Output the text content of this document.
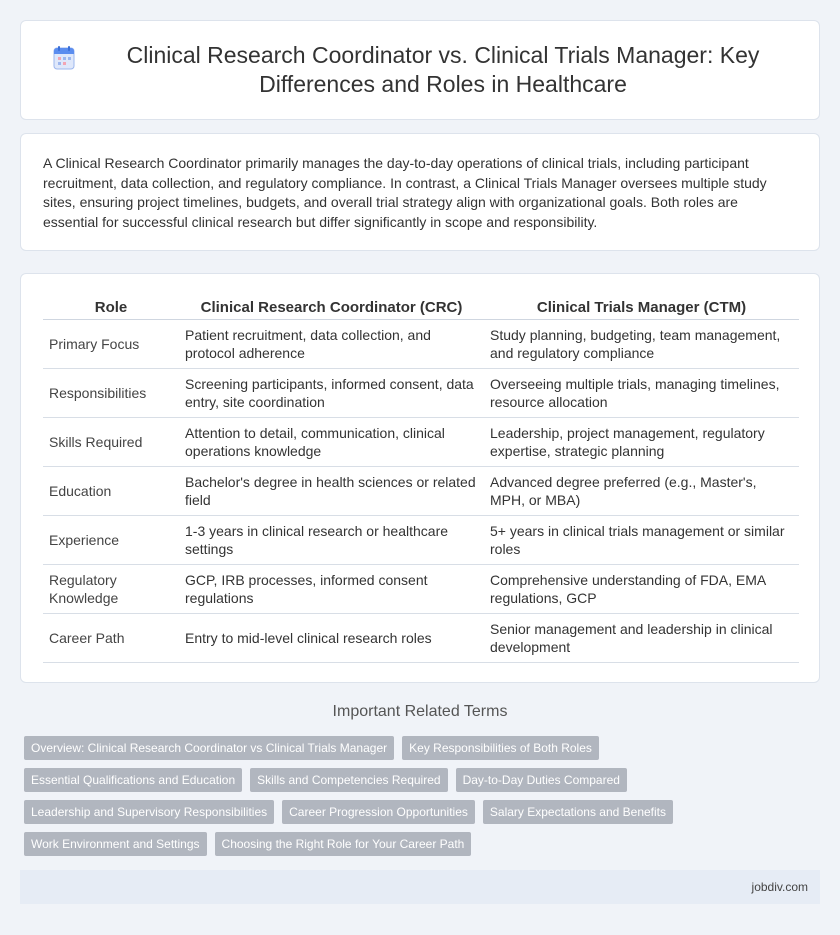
Clinical Research Coordinator vs. Clinical Trials Manager: Key Differences and Roles in Healthcare

A Clinical Research Coordinator primarily manages the day-to-day operations of clinical trials, including participant recruitment, data collection, and regulatory compliance. In contrast, a Clinical Trials Manager oversees multiple study sites, ensuring project timelines, budgets, and overall trial strategy align with organizational goals. Both roles are essential for successful clinical research but differ significantly in scope and responsibility.

Role	Clinical Research Coordinator (CRC)	Clinical Trials Manager (CTM)
Primary Focus	Patient recruitment, data collection, and protocol adherence	Study planning, budgeting, team management, and regulatory compliance
Responsibilities	Screening participants, informed consent, data entry, site coordination	Overseeing multiple trials, managing timelines, resource allocation
Skills Required	Attention to detail, communication, clinical operations knowledge	Leadership, project management, regulatory expertise, strategic planning
Education	Bachelor's degree in health sciences or related field	Advanced degree preferred (e.g., Master's, MPH, or MBA)
Experience	1-3 years in clinical research or healthcare settings	5+ years in clinical trials management or similar roles
Regulatory Knowledge	GCP, IRB processes, informed consent regulations	Comprehensive understanding of FDA, EMA regulations, GCP
Career Path	Entry to mid-level clinical research roles	Senior management and leadership in clinical development
Important Related Terms
Overview: Clinical Research Coordinator vs Clinical Trials Manager	Key Responsibilities of Both Roles
Essential Qualifications and Education	Skills and Competencies Required	Day-to-Day Duties Compared
Leadership and Supervisory Responsibilities	Career Progression Opportunities	Salary Expectations and Benefits
Work Environment and Settings	Choosing the Right Role for Your Career Path
jobdiv.com
